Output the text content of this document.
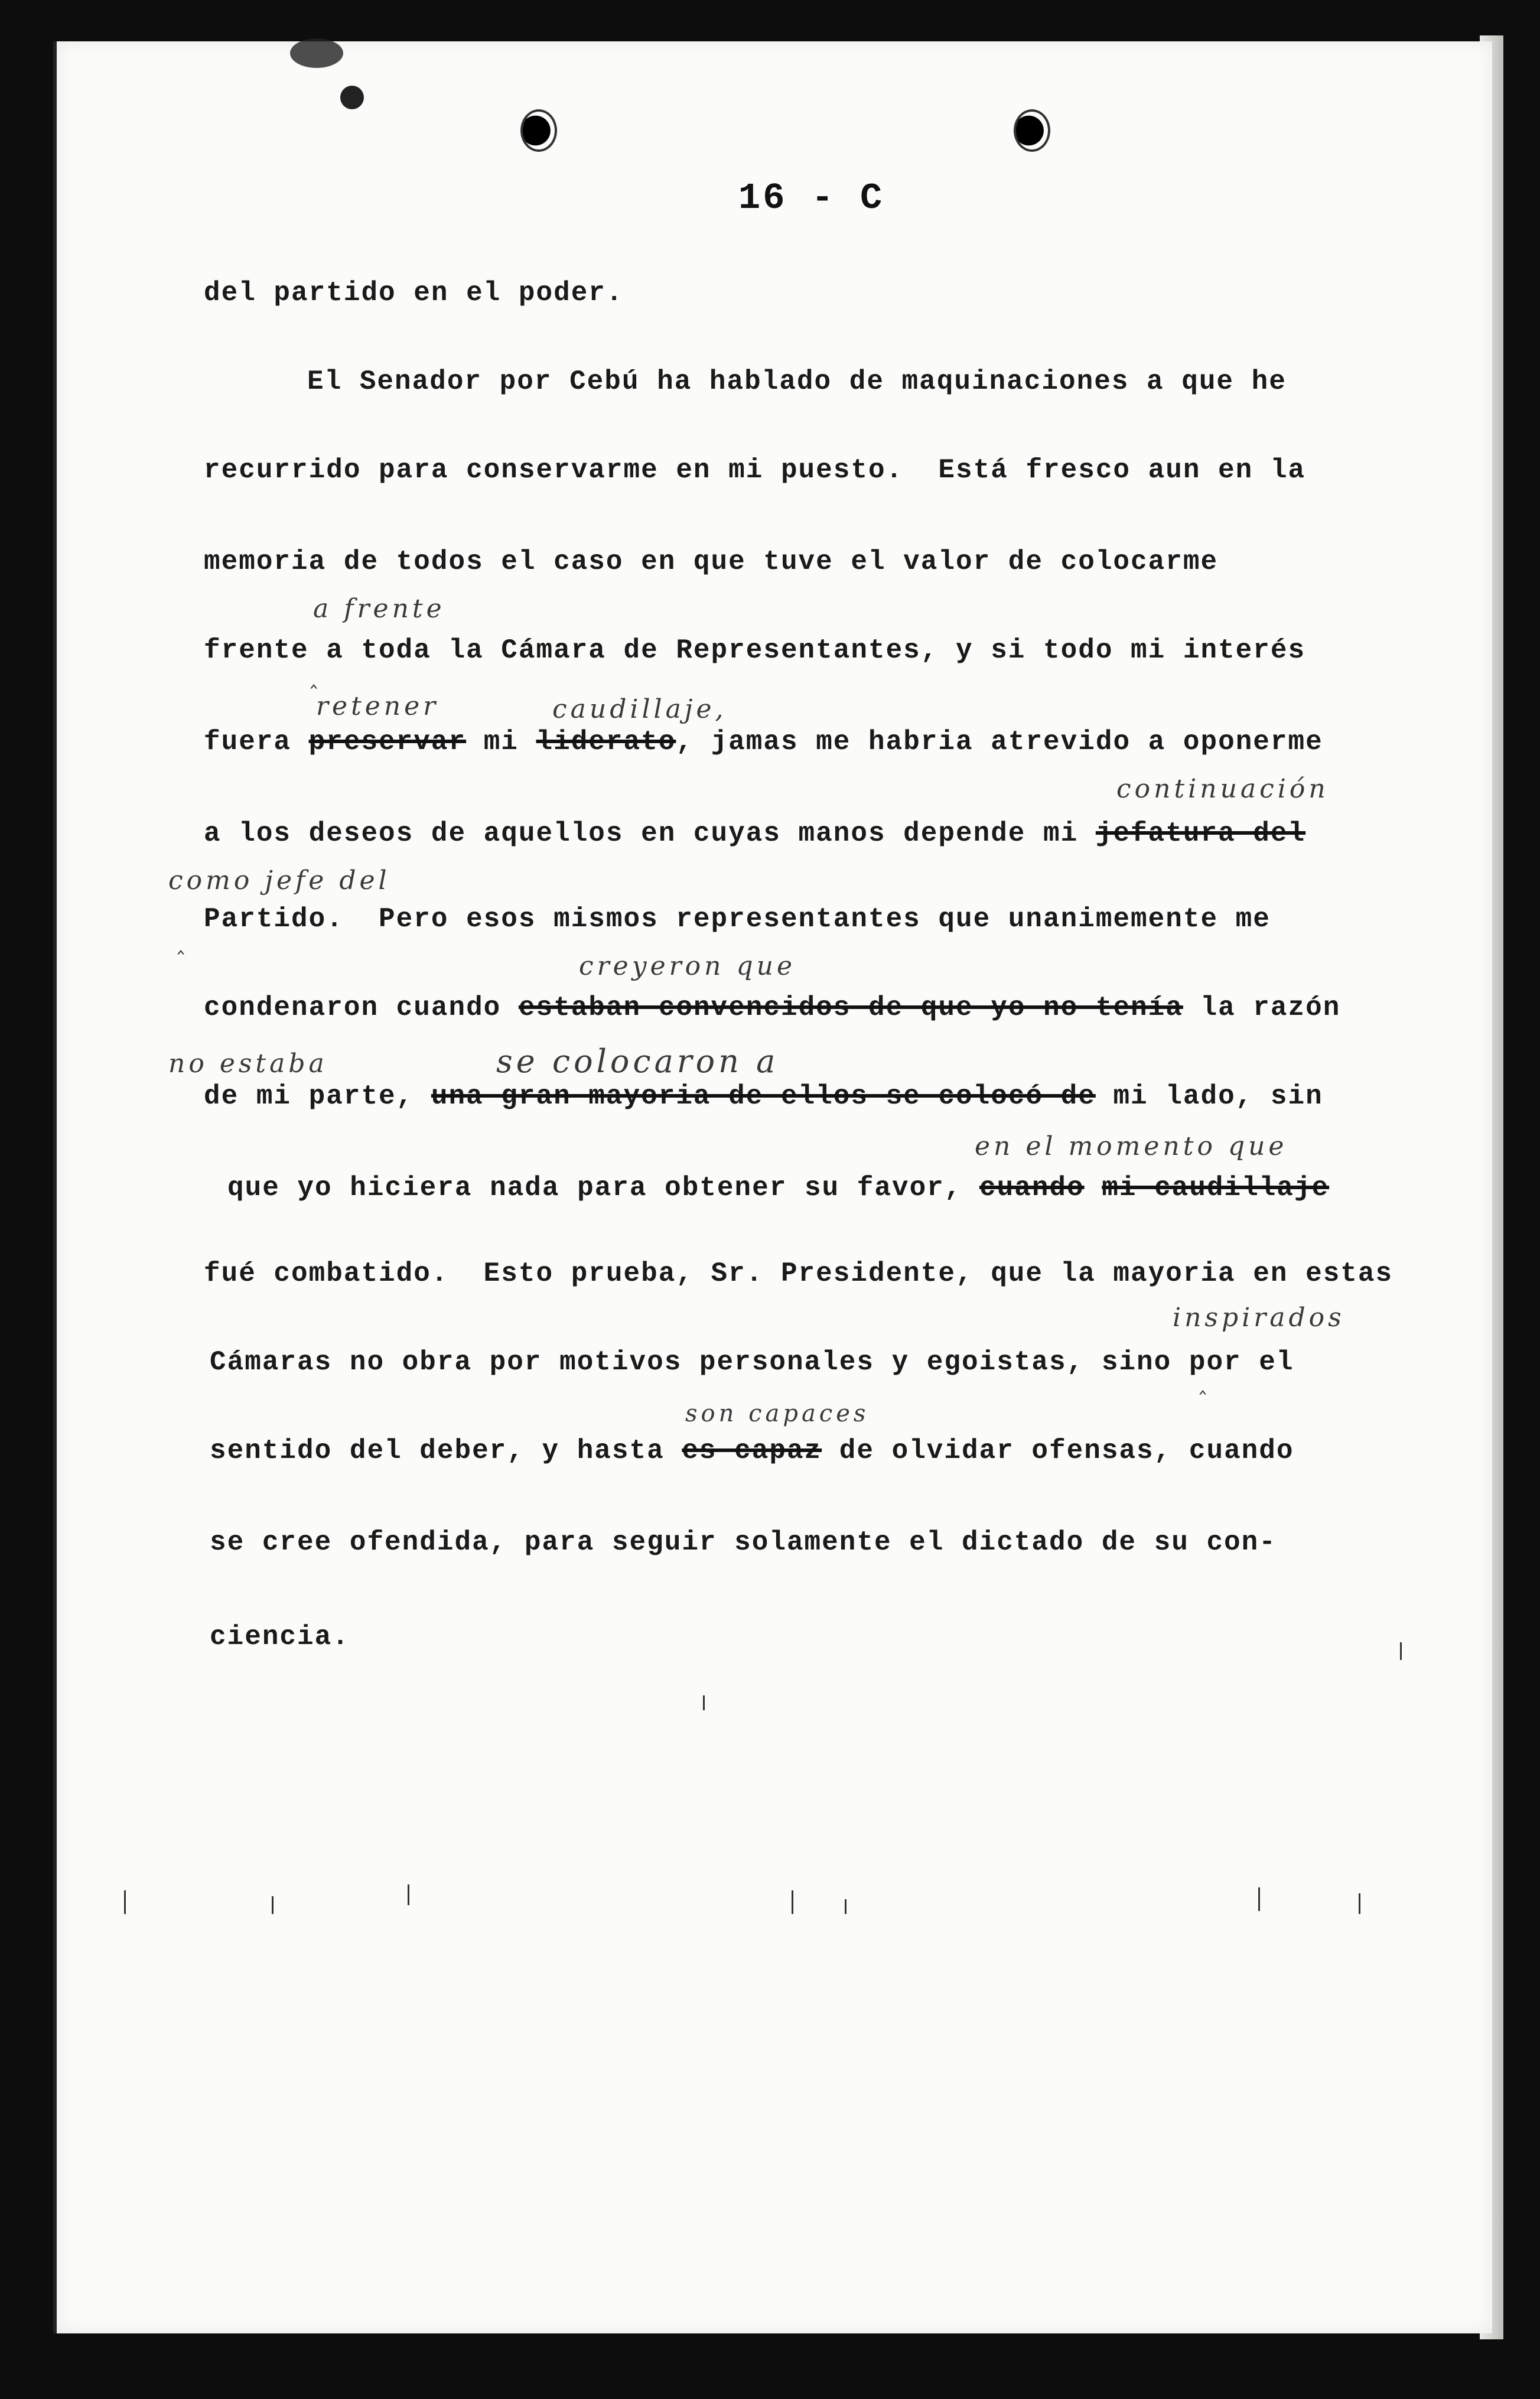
16 - C

del partido en el poder.

El Senador por Cebú ha hablado de maquinaciones a que he

recurrido para conservarme en mi puesto.  Está fresco aun en la

memoria de todos el caso en que tuve el valor de colocarme

frente a toda la Cámara de Representantes, y si todo mi interés

fuera preservar mi liderato, jamas me habria atrevido a oponerme

a los deseos de aquellos en cuyas manos depende mi jefatura del

Partido.  Pero esos mismos representantes que unanimemente me

condenaron cuando estaban convencidos de que yo no tenía la razón

de mi parte, una gran mayoria de ellos se colocó de mi lado, sin

que yo hiciera nada para obtener su favor, cuando mi caudillaje

fué combatido.  Esto prueba, Sr. Presidente, que la mayoria en estas

Cámaras no obra por motivos personales y egoistas, sino por el

sentido del deber, y hasta es capaz de olvidar ofensas, cuando

se cree ofendida, para seguir solamente el dictado de su con-

ciencia.

a frente
retener	caudillaje,
continuación
como jefe del
creyeron que
no estaba	se colocaron a
en el momento que
inspirados
son capaces
‸
‸
‸
